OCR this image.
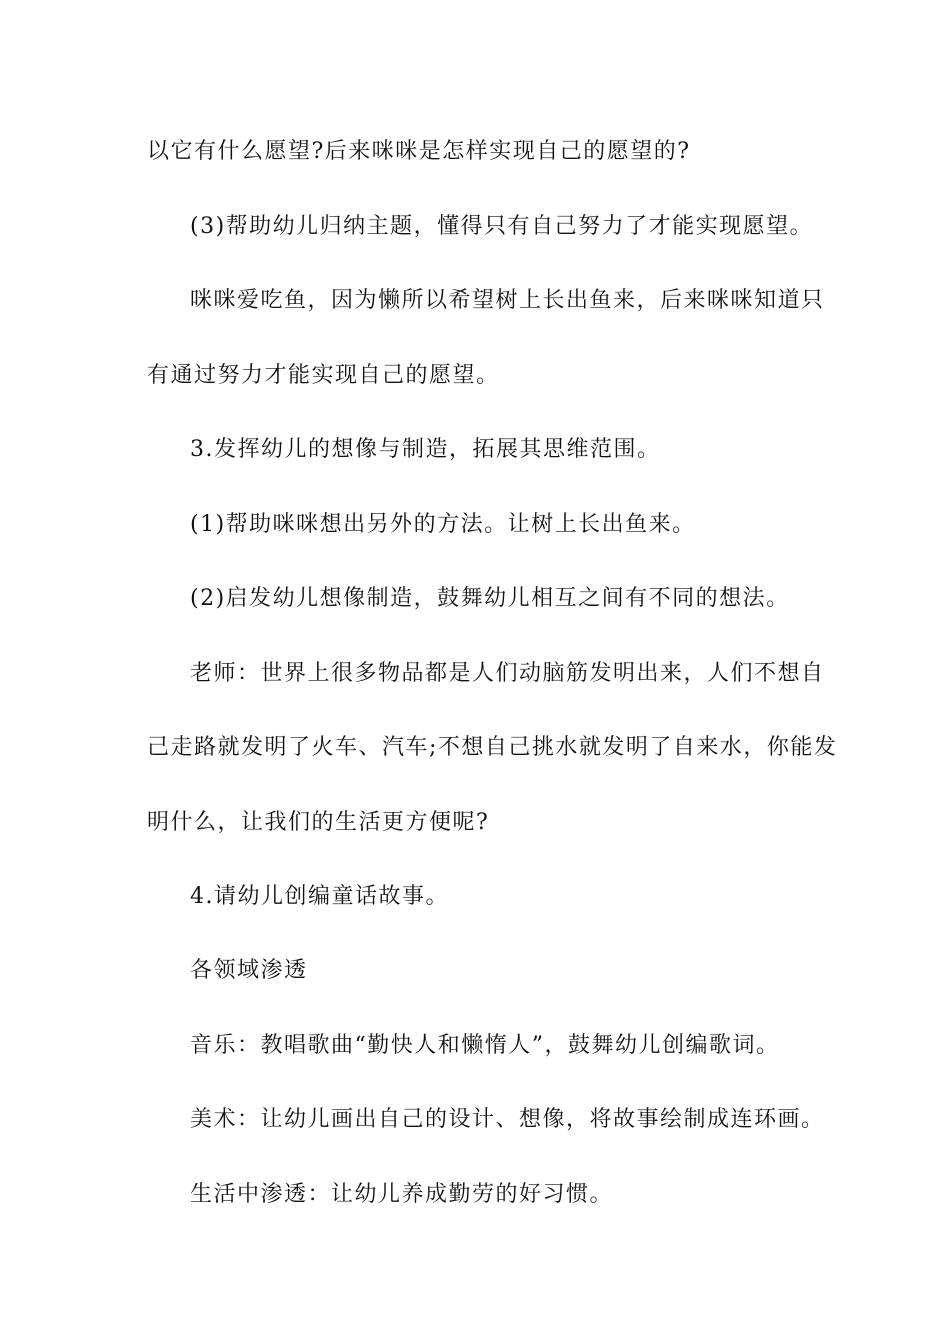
以它有什么愿望?后来咪咪是怎样实现自己的愿望的?
(3)帮助幼儿归纳主题，懂得只有自己努力了才能实现愿望。
咪咪爱吃鱼，因为懒所以希望树上长出鱼来，后来咪咪知道只
有通过努力才能实现自己的愿望。
3.发挥幼儿的想像与制造，拓展其思维范围。
(1)帮助咪咪想出另外的方法。让树上长出鱼来。
(2)启发幼儿想像制造，鼓舞幼儿相互之间有不同的想法。
老师：世界上很多物品都是人们动脑筋发明出来，人们不想自
己走路就发明了火车、汽车;不想自己挑水就发明了自来水，你能发
明什么，让我们的生活更方便呢?
4.请幼儿创编童话故事。
各领域渗透
音乐：教唱歌曲“勤快人和懒惰人”，鼓舞幼儿创编歌词。
美术：让幼儿画出自己的设计、想像，将故事绘制成连环画。
生活中渗透：让幼儿养成勤劳的好习惯。
